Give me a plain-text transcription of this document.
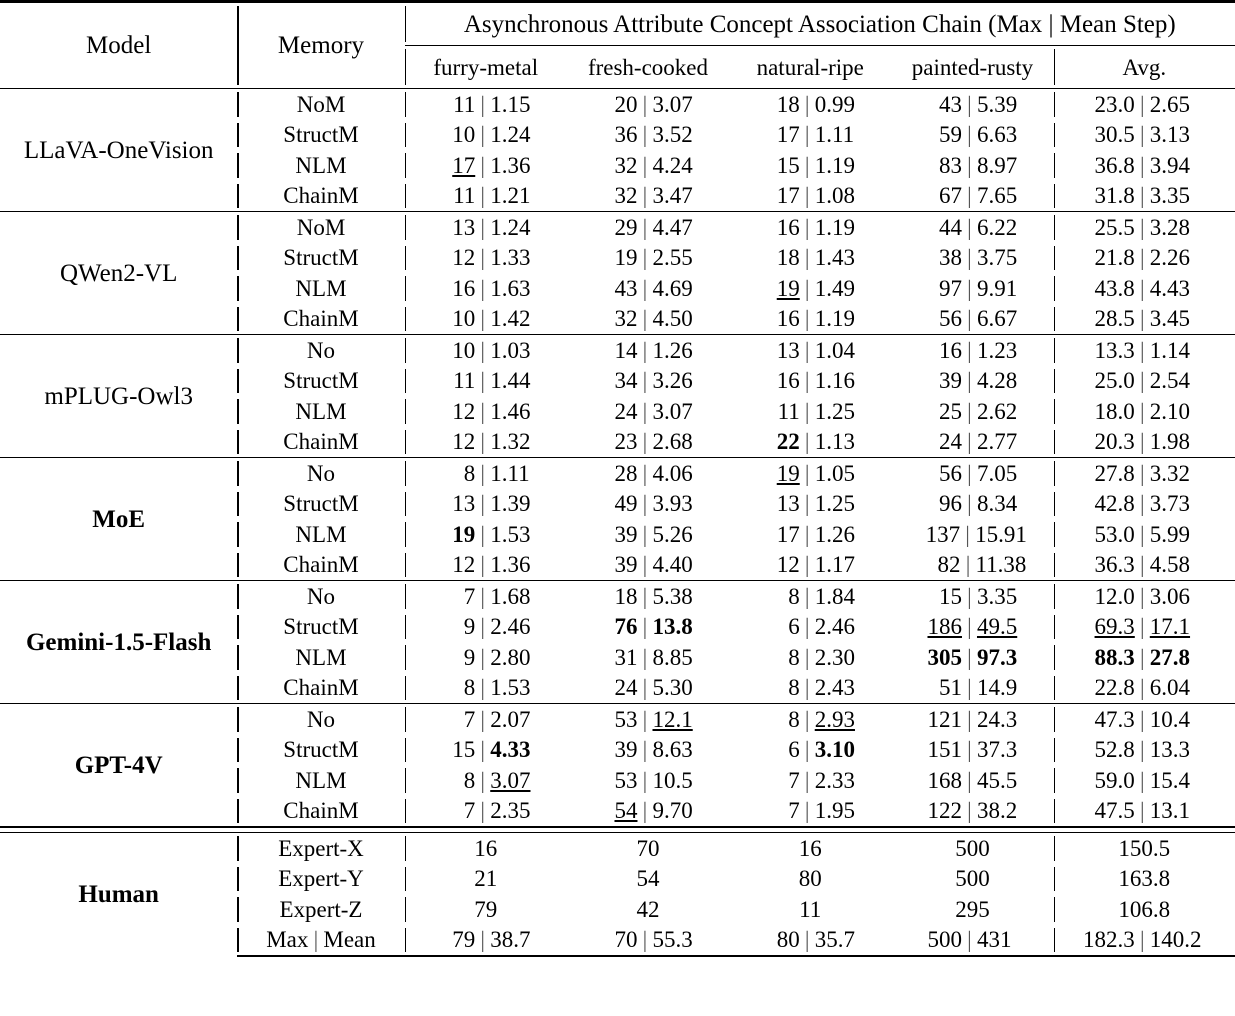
Model	Memory	Asynchronous Attribute Concept Association Chain (Max | Mean Step)				
		furry-metal	fresh-cooked	natural-ripe	painted-rusty	Avg.
LLaVA-OneVision	NoM	11 | 1.15	20 | 3.07	18 | 0.99	43 | 5.39	23.0 | 2.65
	StructM	10 | 1.24	36 | 3.52	17 | 1.11	59 | 6.63	30.5 | 3.13
	NLM	17 | 1.36	32 | 4.24	15 | 1.19	83 | 8.97	36.8 | 3.94
	ChainM	11 | 1.21	32 | 3.47	17 | 1.08	67 | 7.65	31.8 | 3.35
QWen2-VL	NoM	13 | 1.24	29 | 4.47	16 | 1.19	44 | 6.22	25.5 | 3.28
	StructM	12 | 1.33	19 | 2.55	18 | 1.43	38 | 3.75	21.8 | 2.26
	NLM	16 | 1.63	43 | 4.69	19 | 1.49	97 | 9.91	43.8 | 4.43
	ChainM	10 | 1.42	32 | 4.50	16 | 1.19	56 | 6.67	28.5 | 3.45
mPLUG-Owl3	No	10 | 1.03	14 | 1.26	13 | 1.04	16 | 1.23	13.3 | 1.14
	StructM	11 | 1.44	34 | 3.26	16 | 1.16	39 | 4.28	25.0 | 2.54
	NLM	12 | 1.46	24 | 3.07	11 | 1.25	25 | 2.62	18.0 | 2.10
	ChainM	12 | 1.32	23 | 2.68	22 | 1.13	24 | 2.77	20.3 | 1.98
MoE	No	8 | 1.11	28 | 4.06	19 | 1.05	56 | 7.05	27.8 | 3.32
	StructM	13 | 1.39	49 | 3.93	13 | 1.25	96 | 8.34	42.8 | 3.73
	NLM	19 | 1.53	39 | 5.26	17 | 1.26	137 | 15.91	53.0 | 5.99
	ChainM	12 | 1.36	39 | 4.40	12 | 1.17	82 | 11.38	36.3 | 4.58
Gemini-1.5-Flash	No	7 | 1.68	18 | 5.38	8 | 1.84	15 | 3.35	12.0 | 3.06
	StructM	9 | 2.46	76 | 13.8	6 | 2.46	186 | 49.5	69.3 | 17.1
	NLM	9 | 2.80	31 | 8.85	8 | 2.30	305 | 97.3	88.3 | 27.8
	ChainM	8 | 1.53	24 | 5.30	8 | 2.43	51 | 14.9	22.8 | 6.04
GPT-4V	No	7 | 2.07	53 | 12.1	8 | 2.93	121 | 24.3	47.3 | 10.4
	StructM	15 | 4.33	39 | 8.63	6 | 3.10	151 | 37.3	52.8 | 13.3
	NLM	8 | 3.07	53 | 10.5	7 | 2.33	168 | 45.5	59.0 | 15.4
	ChainM	7 | 2.35	54 | 9.70	7 | 1.95	122 | 38.2	47.5 | 13.1

Human	Expert-X	16	70	16	500	150.5
	Expert-Y	21	54	80	500	163.8
	Expert-Z	79	42	11	295	106.8
	Max | Mean	79 | 38.7	70 | 55.3	80 | 35.7	500 | 431	182.3 | 140.2
